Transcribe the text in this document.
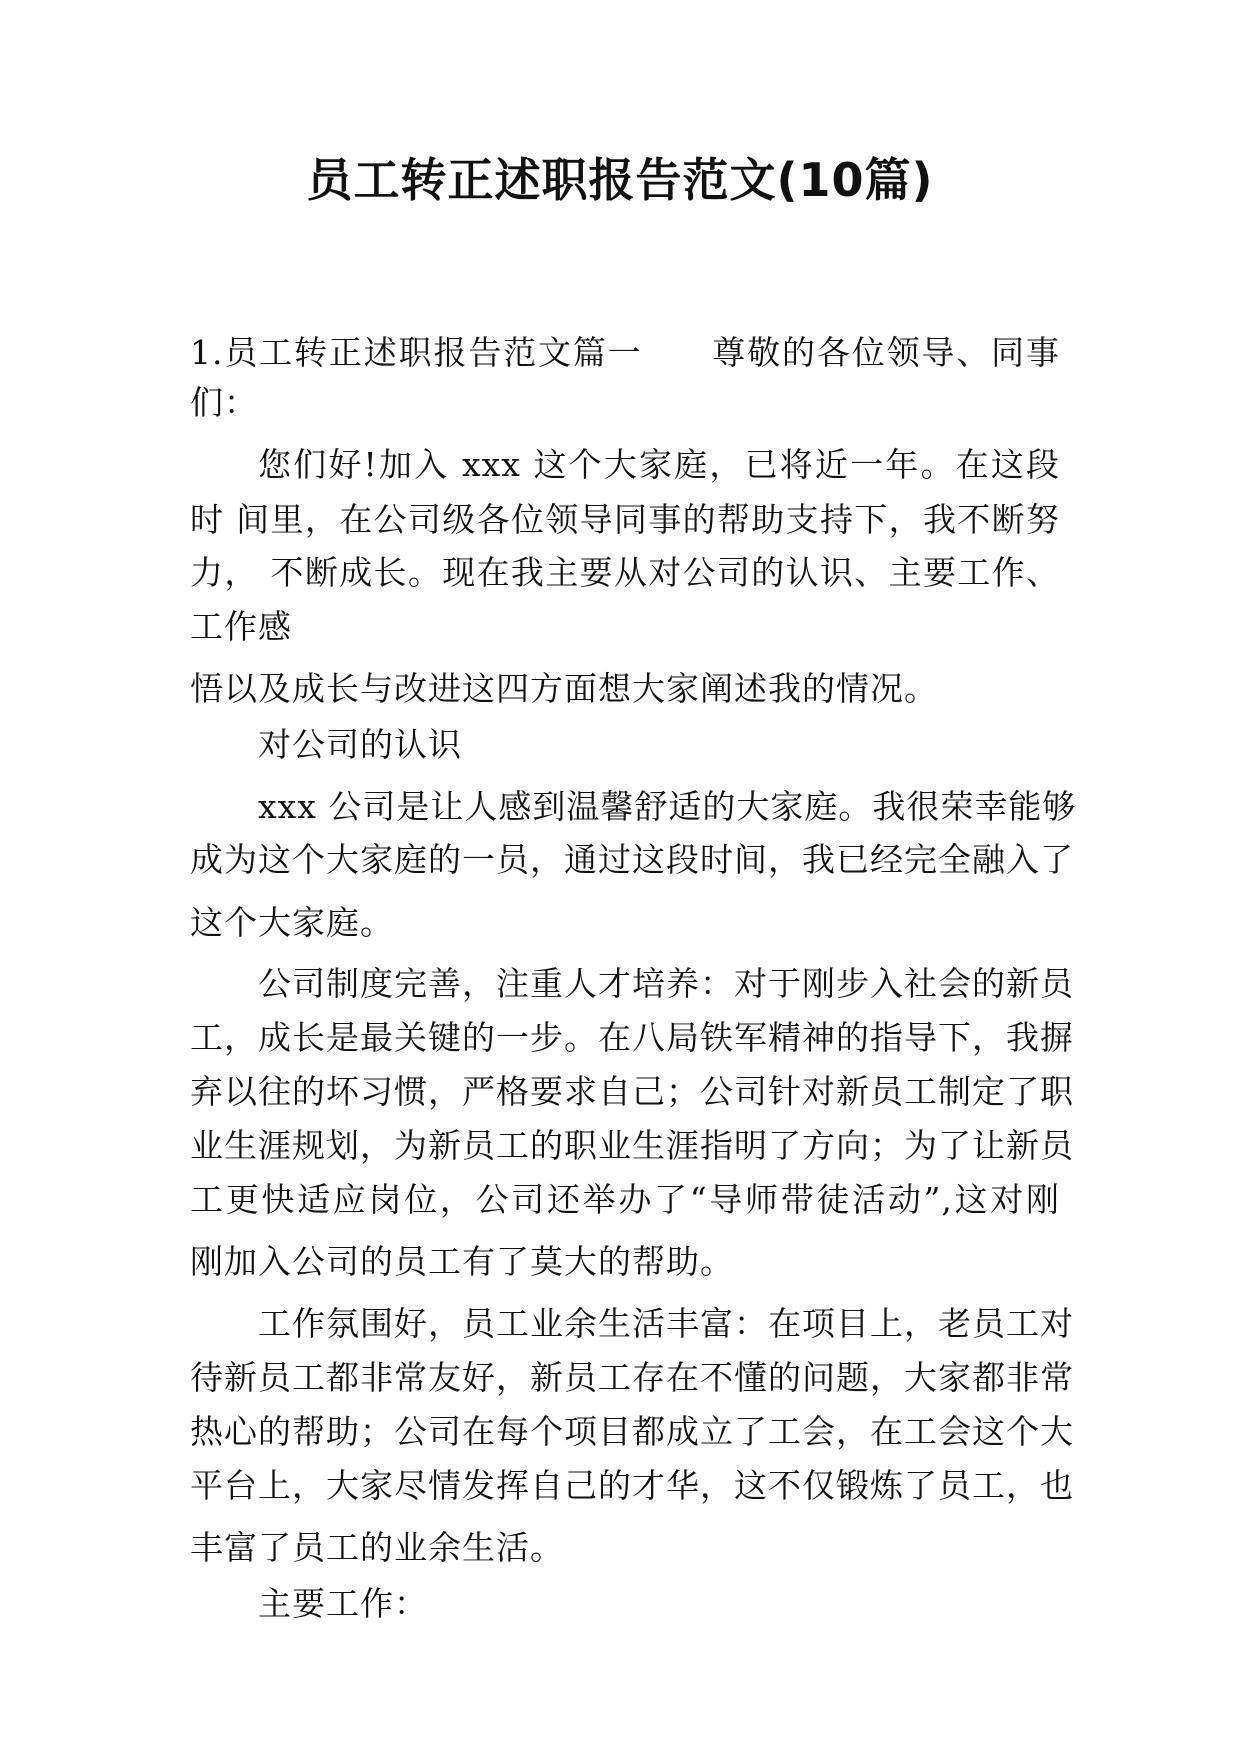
员工转正述职报告范文(10篇)

1.员工转正述职报告范文篇一　　尊敬的各位领导、同事

们：

您们好!加入 xxx 这个大家庭，已将近一年。在这段

时 间里，在公司级各位领导同事的帮助支持下，我不断努

力， 不断成长。现在我主要从对公司的认识、主要工作、

工作感

悟以及成长与改进这四方面想大家阐述我的情况。

对公司的认识

xxx 公司是让人感到温馨舒适的大家庭。我很荣幸能够

成为这个大家庭的一员，通过这段时间，我已经完全融入了

这个大家庭。

公司制度完善，注重人才培养：对于刚步入社会的新员

工，成长是最关键的一步。在八局铁军精神的指导下，我摒

弃以往的坏习惯，严格要求自己；公司针对新员工制定了职

业生涯规划，为新员工的职业生涯指明了方向；为了让新员

工更快适应岗位，公司还举办了“导师带徒活动”,这对刚

刚加入公司的员工有了莫大的帮助。

工作氛围好，员工业余生活丰富：在项目上，老员工对

待新员工都非常友好，新员工存在不懂的问题，大家都非常

热心的帮助；公司在每个项目都成立了工会，在工会这个大

平台上，大家尽情发挥自己的才华，这不仅锻炼了员工，也

丰富了员工的业余生活。

主要工作：
